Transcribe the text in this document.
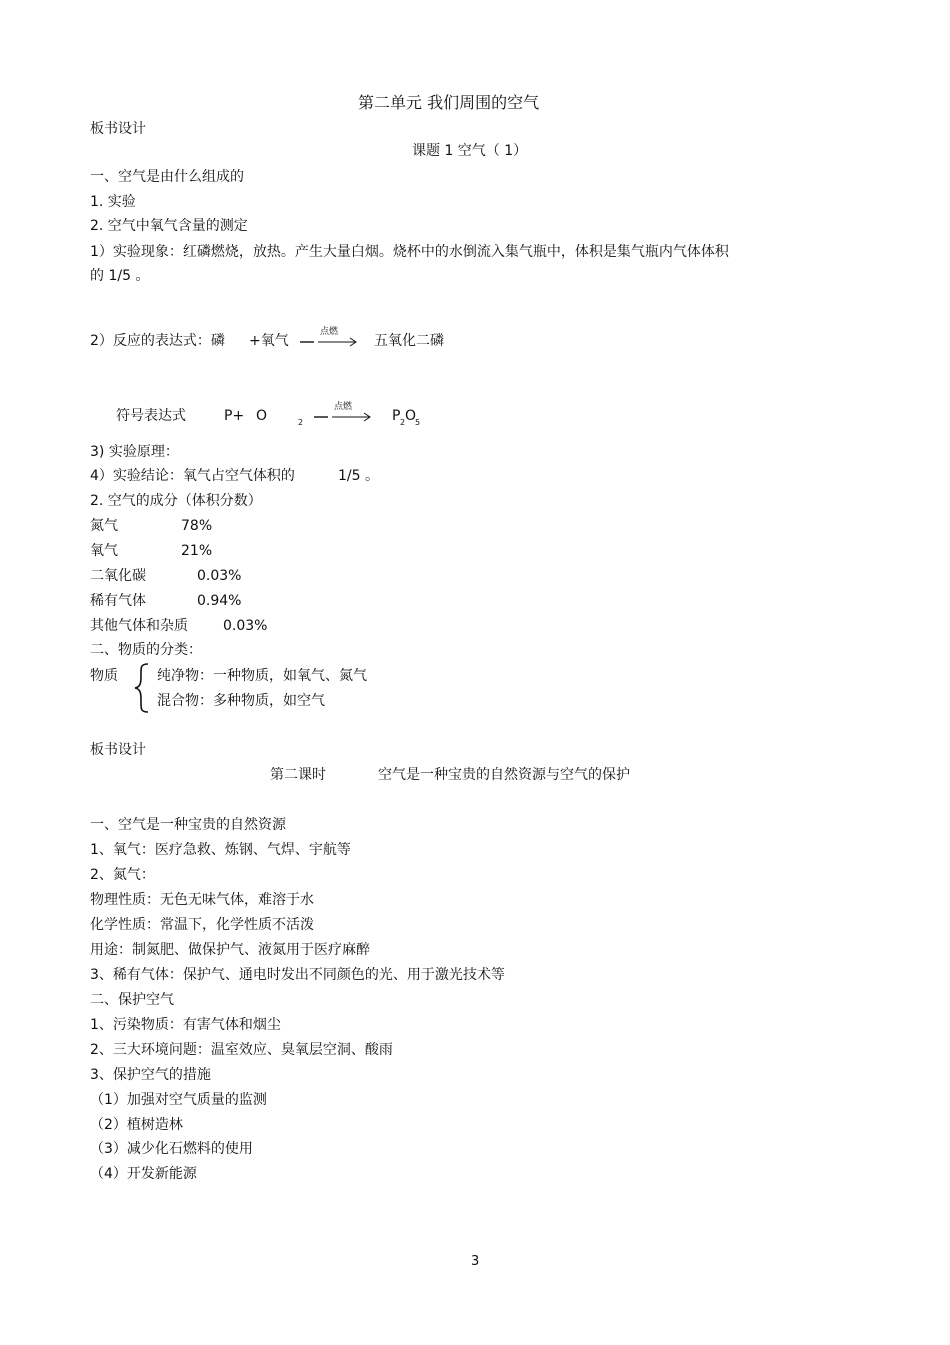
第二单元 我们周围的空气
板书设计
课题 1 空气（ 1）
一、空气是由什么组成的
1. 实验
2. 空气中氧气含量的测定
1）实验现象：红磷燃烧，放热。产生大量白烟。烧杯中的水倒流入集气瓶中，体积是集气瓶内气体体积
的 1/5 。
2）反应的表达式：磷 +氧气
点燃
五氧化二磷
符号表达式	P+ O	2
点燃
P 2 O
5
3) 实验原理：
4）实验结论：氧气占空气体积的	1/5 。
2. 空气的成分（体积分数）
氮气	78%
氧气	21%
二氧化碳	0.03%
稀有气体	0.94%
其他气体和杂质	0.03%
二、物质的分类：
物质	纯净物：一种物质，如氧气、氮气
混合物：多种物质，如空气
板书设计
第二课时	空气是一种宝贵的自然资源与空气的保护
一、空气是一种宝贵的自然资源
1、氧气：医疗急救、炼钢、气焊、宇航等
2、氮气：
物理性质：无色无味气体，难溶于水
化学性质：常温下，化学性质不活泼
用途：制氮肥、做保护气、液氮用于医疗麻醉
3、稀有气体：保护气、通电时发出不同颜色的光、用于激光技术等
二、保护空气
1、污染物质：有害气体和烟尘
2、三大环境问题：温室效应、臭氧层空洞、酸雨
3、保护空气的措施
（1）加强对空气质量的监测
（2）植树造林
（3）减少化石燃料的使用
（4）开发新能源
3
